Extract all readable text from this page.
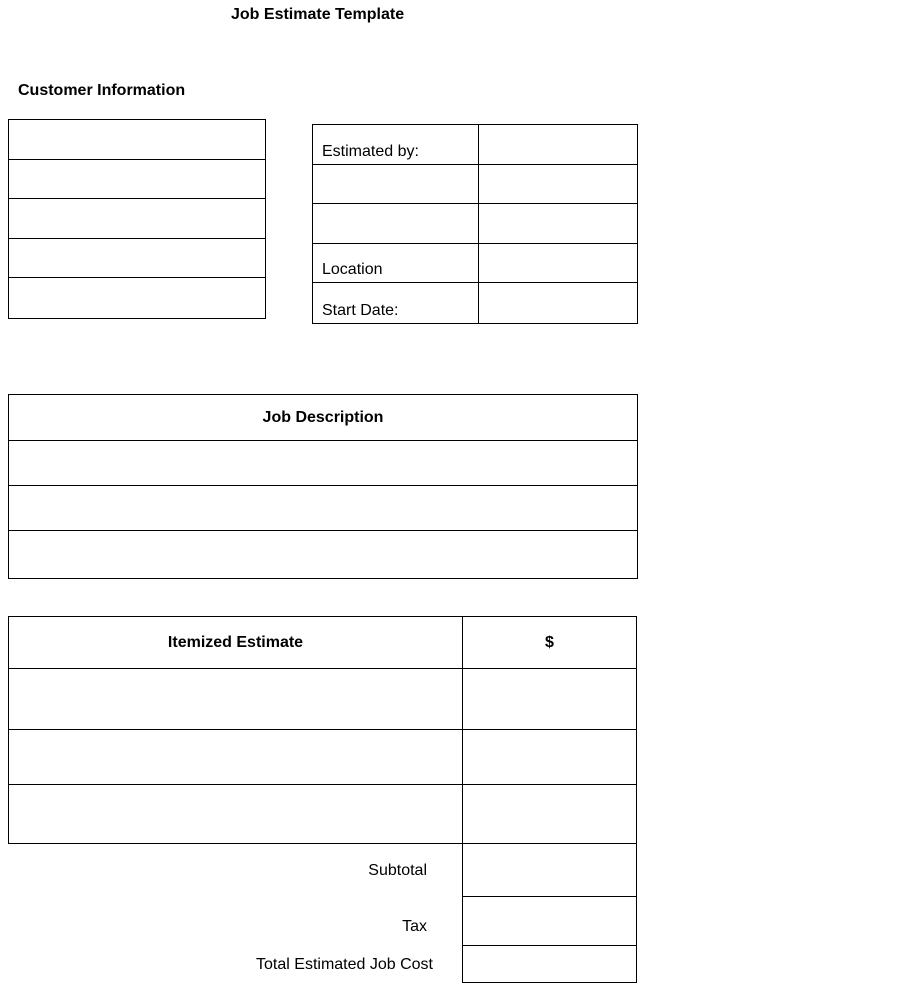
Job Estimate Template
Customer Information
Estimated by:
Location
Start Date:
Job Description
Itemized Estimate	$
Subtotal
Tax
Total Estimated Job Cost
